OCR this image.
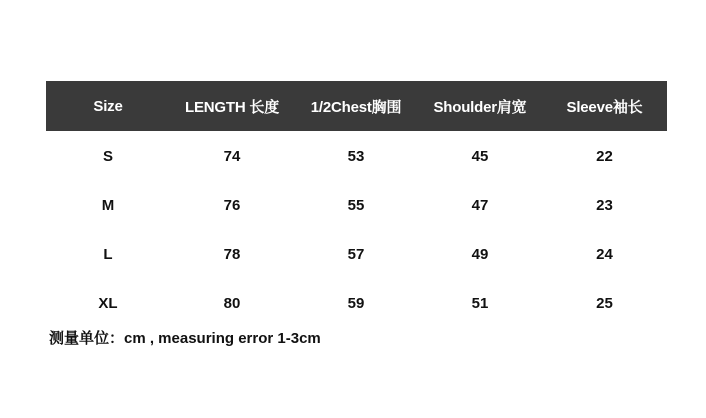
Size	LENGTH 长度	1/2Chest胸围	Shoulder肩宽	Sleeve袖长
S	74	53	45	22
M	76	55	47	23
L	78	57	49	24
XL	80	59	51	25
测量单位：cm , measuring error 1-3cm
